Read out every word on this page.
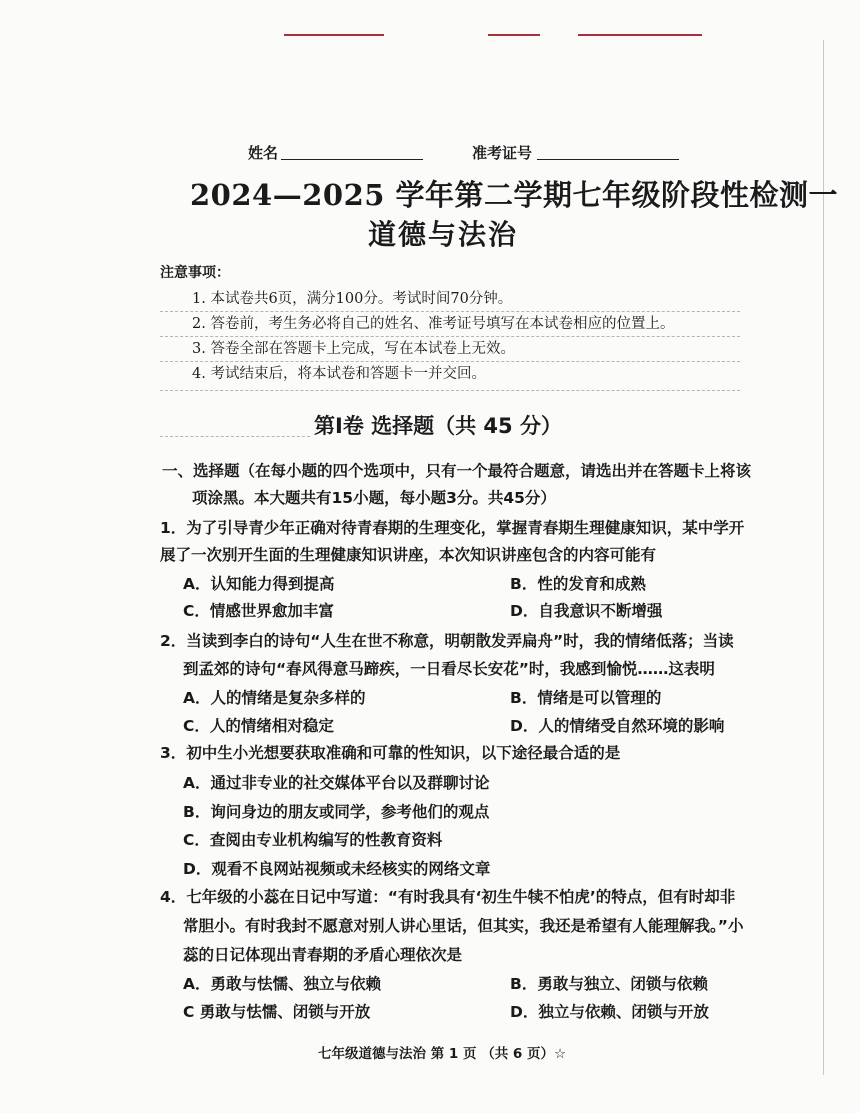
姓名	准考证号
2024—2025 学年第二学期七年级阶段性检测一
道德与法治
注意事项：
1. 本试卷共6页，满分100分。考试时间70分钟。
2. 答卷前，考生务必将自己的姓名、准考证号填写在本试卷相应的位置上。
3. 答卷全部在答题卡上完成，写在本试卷上无效。
4. 考试结束后，将本试卷和答题卡一并交回。
第Ⅰ卷 选择题（共 45 分）
一、选择题（在每小题的四个选项中，只有一个最符合题意，请选出并在答题卡上将该
项涂黑。本大题共有15小题，每小题3分。共45分）
1．为了引导青少年正确对待青春期的生理变化，掌握青春期生理健康知识，某中学开
展了一次别开生面的生理健康知识讲座，本次知识讲座包含的内容可能有
A．认知能力得到提高	B．性的发育和成熟
C．情感世界愈加丰富	D．自我意识不断增强
2．当读到李白的诗句“人生在世不称意，明朝散发弄扁舟”时，我的情绪低落；当读
到孟郊的诗句“春风得意马蹄疾，一日看尽长安花”时，我感到愉悦……这表明
A．人的情绪是复杂多样的	B．情绪是可以管理的
C．人的情绪相对稳定	D．人的情绪受自然环境的影响
3．初中生小光想要获取准确和可靠的性知识，以下途径最合适的是
A．通过非专业的社交媒体平台以及群聊讨论
B．询问身边的朋友或同学，参考他们的观点
C．查阅由专业机构编写的性教育资料
D．观看不良网站视频或未经核实的网络文章
4．七年级的小蕊在日记中写道：“有时我具有‘初生牛犊不怕虎’的特点，但有时却非
常胆小。有时我封不愿意对别人讲心里话，但其实，我还是希望有人能理解我。”小
蕊的日记体现出青春期的矛盾心理依次是
A．勇敢与怯懦、独立与依赖	B．勇敢与独立、闭锁与依赖
C 勇敢与怯懦、闭锁与开放	D．独立与依赖、闭锁与开放
七年级道德与法治 第 1 页 （共 6 页）☆
